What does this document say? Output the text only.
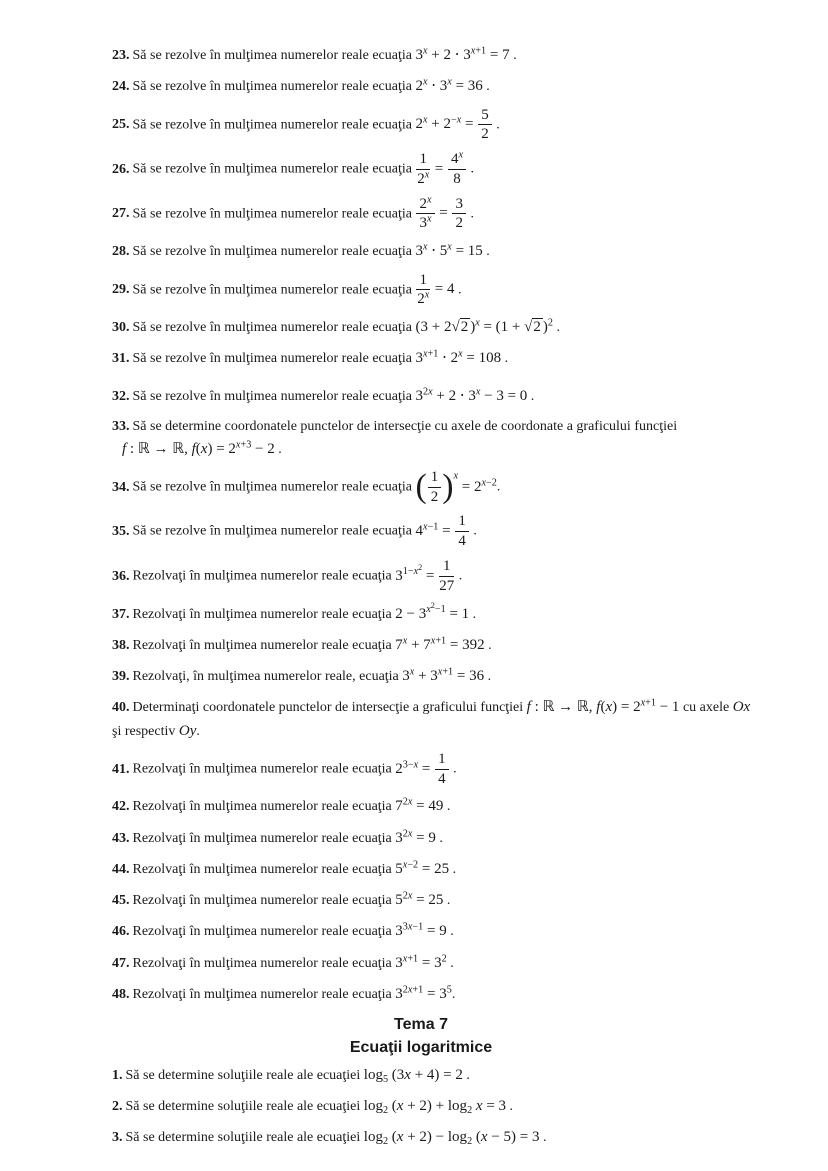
23. Să se rezolve în mulţimea numerelor reale ecuaţia $3^x + 2 \cdot 3^{x+1} = 7$ .
24. Să se rezolve în mulţimea numerelor reale ecuaţia $2^x \cdot 3^x = 36$ .
25. Să se rezolve în mulţimea numerelor reale ecuaţia $2^x + 2^{-x} = \frac{5}{2}$ .
26. Să se rezolve în mulţimea numerelor reale ecuaţia $\frac{1}{2^x} = \frac{4^x}{8}$ .
27. Să se rezolve în mulţimea numerelor reale ecuaţia $\frac{2^x}{3^x} = \frac{3}{2}$ .
28. Să se rezolve în mulţimea numerelor reale ecuaţia $3^x \cdot 5^x = 15$ .
29. Să se rezolve în mulţimea numerelor reale ecuaţia $\frac{1}{2^x} = 4$ .
30. Să se rezolve în mulţimea numerelor reale ecuaţia (3 + 2√2 )$^x$ = (1 + √2 )$^2$ .
31. Să se rezolve în mulţimea numerelor reale ecuaţia $3^{x+1} \cdot 2^x = 108$ .
32. Să se rezolve în mulţimea numerelor reale ecuaţia $3^{2x} + 2 \cdot 3^x - 3 = 0$ .
33. Să se determine coordonatele punctelor de intersecţie cu axele de coordonate a graficului funcţiei
f : ℝ → ℝ, $f(x) = 2^{x+3} - 2$ .
34. Să se rezolve în mulţimea numerelor reale ecuaţia ( $\frac{1}{2} )^x = 2^{x-2}$.
35. Să se rezolve în mulţimea numerelor reale ecuaţia $4^{x-1} = \frac{1}{4}$ .
36. Rezolvaţi în mulţimea numerelor reale ecuaţia $3^{1-x^2} = \frac{1}{27}$ .
37. Rezolvaţi în mulţimea numerelor reale ecuaţia $2 - 3^{x^2-1} = 1$ .
38. Rezolvaţi în mulţimea numerelor reale ecuaţia $7^x + 7^{x+1} = 392$ .
39. Rezolvaţi, în mulţimea numerelor reale, ecuaţia $3^x + 3^{x+1} = 36$ .
40. Determinaţi coordonatele punctelor de intersecţie a graficului funcţiei f : ℝ → ℝ, $f(x) = 2^{x+1} - 1$ cu axele Ox şi respectiv Oy.
41. Rezolvaţi în mulţimea numerelor reale ecuaţia $2^{3-x} = \frac{1}{4}$ .
42. Rezolvaţi în mulţimea numerelor reale ecuaţia $7^{2x} = 49$ .
43. Rezolvaţi în mulţimea numerelor reale ecuaţia $3^{2x} = 9$ .
44. Rezolvaţi în mulţimea numerelor reale ecuaţia $5^{x-2} = 25$ .
45. Rezolvaţi în mulţimea numerelor reale ecuaţia $5^{2x} = 25$ .
46. Rezolvaţi în mulţimea numerelor reale ecuaţia $3^{3x-1} = 9$ .
47. Rezolvaţi în mulţimea numerelor reale ecuaţia $3^{x+1} = 3^2$ .
48. Rezolvaţi în mulţimea numerelor reale ecuaţia $3^{2x+1} = 3^5$.
Tema 7
Ecuaţii logaritmice
1. Să se determine soluţiile reale ale ecuaţiei $\log_5 (3x + 4) = 2$ .
2. Să se determine soluţiile reale ale ecuaţiei $\log_2 (x + 2) + \log_2 x = 3$ .
3. Să se determine soluţiile reale ale ecuaţiei $\log_2 (x + 2) - \log_2 (x - 5) = 3$ .
